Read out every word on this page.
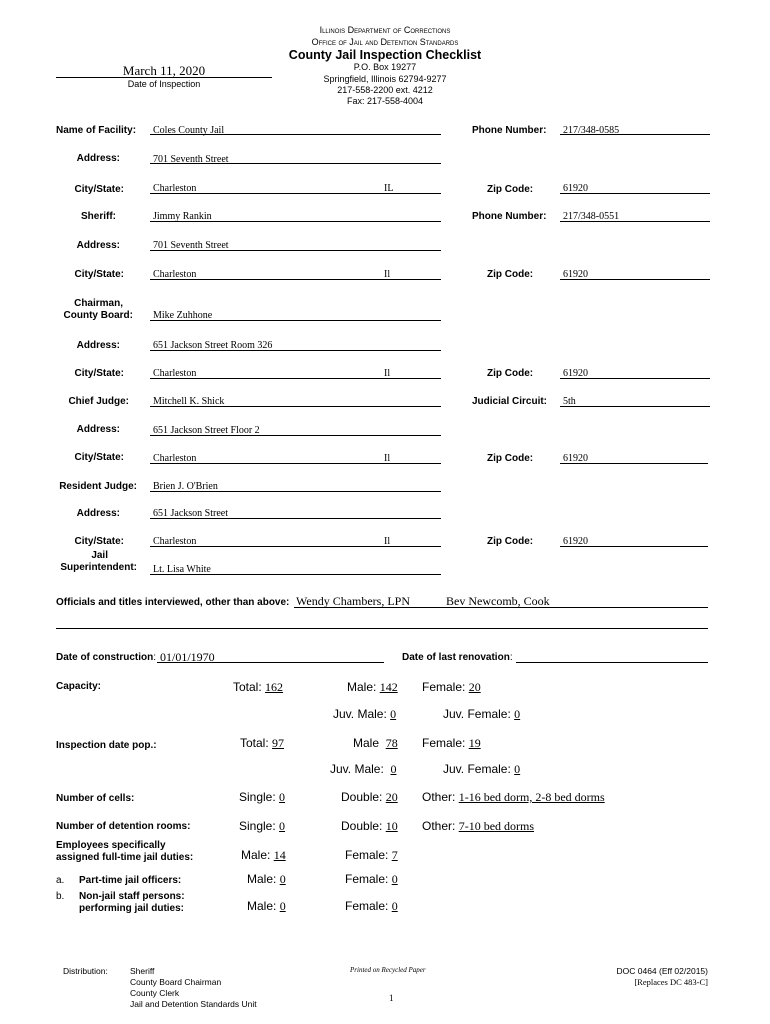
Illinois Department of Corrections
Office of Jail and Detention Standards
County Jail Inspection Checklist
P.O. Box 19277
Springfield, Illinois 62794-9277
217-558-2200 ext. 4212
Fax: 217-558-4004
March 11, 2020
Date of Inspection
Name of Facility: Coles County Jail	Phone Number: 217/348-0585
Address:	701 Seventh Street
City/State:	Charleston	IL	Zip Code:	61920
Sheriff:	Jimmy Rankin	Phone Number: 217/348-0551
Address:	701 Seventh Street
City/State:	Charleston	Il	Zip Code:	61920
Chairman,
County Board: Mike Zuhhone
Address:	651 Jackson Street Room 326
City/State:	Charleston	Il	Zip Code:	61920
Chief Judge: Mitchell K. Shick	Judicial Circuit: 5th
Address:	651 Jackson Street Floor 2
City/State:	Charleston	Il	Zip Code:	61920
Resident Judge: Brien J. O'Brien
Address:	651 Jackson Street
City/State:	Charleston	Il	Zip Code:	61920
Jail
Superintendent: Lt. Lisa White
Officials and titles interviewed, other than above: Wendy Chambers, LPN	Bev Newcomb, Cook
Date of construction: 01/01/1970	Date of last renovation:
Capacity:	Total: 162	Male: 142 Female: 20
Juv. Male: 0	Juv. Female: 0
Inspection date pop.:	Total: 97	Male 78 Female: 19
Juv. Male: 0	Juv. Female: 0
Number of cells:	Single: 0	Double: 20 Other: 1-16 bed dorm, 2-8 bed dorms
Number of detention rooms:	Single: 0	Double: 10 Other: 7-10 bed dorms
Employees specifically
assigned full-time jail duties:	Male: 14	Female: 7
a. Part-time jail officers:	Male: 0	Female: 0
b. Non-jail staff persons:
performing jail duties:	Male: 0	Female: 0
Distribution:	Sheriff
County Board Chairman
County Clerk
Jail and Detention Standards Unit
Printed on Recycled Paper
1
DOC 0464 (Eff 02/2015)
[Replaces DC 483-C]
